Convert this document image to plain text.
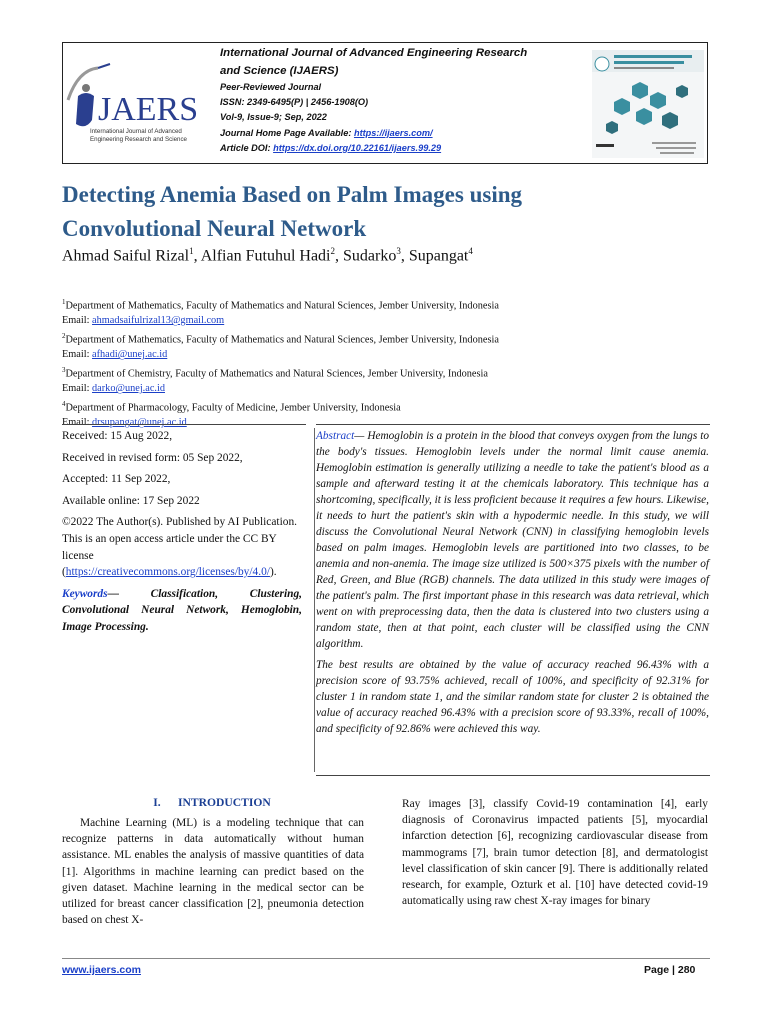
JAERS
International Journal of Advanced
Engineering Research and Science
International Journal of Advanced Engineering Research
and Science (IJAERS)
Peer-Reviewed Journal
ISSN: 2349-6495(P) | 2456-1908(O)
Vol-9, Issue-9; Sep, 2022
Journal Home Page Available: https://ijaers.com/
Article DOI: https://dx.doi.org/10.22161/ijaers.99.29
Detecting Anemia Based on Palm Images using
Convolutional Neural Network
Ahmad Saiful Rizal$^1$, Alfian Futuhul Hadi$^2$, Sudarko$^3$, Supangat$^4$
$^1$Department of Mathematics, Faculty of Mathematics and Natural Sciences, Jember University, Indonesia
Email: ahmadsaifulrizal13@gmail.com
$^2$Department of Mathematics, Faculty of Mathematics and Natural Sciences, Jember University, Indonesia
Email: afhadi@unej.ac.id
$^3$Department of Chemistry, Faculty of Mathematics and Natural Sciences, Jember University, Indonesia
Email: darko@unej.ac.id
$^4$Department of Pharmacology, Faculty of Medicine, Jember University, Indonesia
Email: drsupangat@unej.ac.id

Received: 15 Aug 2022,

Received in revised form: 05 Sep 2022,

Accepted: 11 Sep 2022,

Available online: 17 Sep 2022

©2022 The Author(s). Published by AI Publication. This is an open access article under the CC BY license (https://creativecommons.org/licenses/by/4.0/).

Keywords— Classification, Clustering, Convolutional Neural Network, Hemoglobin, Image Processing.

Abstract— Hemoglobin is a protein in the blood that conveys oxygen from the lungs to the body's tissues. Hemoglobin levels under the normal limit cause anemia. Hemoglobin estimation is generally utilizing a needle to take the patient's blood as a sample and afterward testing it at the chemicals laboratory. This technique has a shortcoming, specifically, it is less proficient because it requires a few hours. Likewise, it needs to hurt the patient's skin with a hypodermic needle. In this study, we will discuss the Convolutional Neural Network (CNN) in classifying hemoglobin levels based on palm images. Hemoglobin levels are partitioned into two classes, to be anemia and non-anemia. The image size utilized is 500×375 pixels with the number of Red, Green, and Blue (RGB) channels. The data utilized in this study were images of the patient's palm. The first important phase in this research was data retrieval, which went on with preprocessing data, then the data is clustered into two clusters using a random state, then at that point, each cluster will be classified using the CNN algorithm.

The best results are obtained by the value of accuracy reached 96.43% with a precision score of 93.75% achieved, recall of 100%, and specificity of 92.31% for cluster 1 in random state 1, and the similar random state for cluster 2 is obtained the value of accuracy reached 96.43% with a precision score of 93.33%, recall of 100%, and specificity of 92.86% were achieved this way.

I.      INTRODUCTION
Machine Learning (ML) is a modeling technique that can recognize patterns in data automatically without human assistance. ML enables the analysis of massive quantities of data [1]. Algorithms in machine learning can predict based on the given dataset. Machine learning in the medical sector can be utilized for breast cancer classification [2], pneumonia detection based on chest X-
Ray images [3], classify Covid-19 contamination [4], early diagnosis of Coronavirus impacted patients [5], myocardial infarction detection [6], recognizing cardiovascular disease from mammograms [7], brain tumor detection [8], and dermatologist level classification of skin cancer [9]. There is additionally related research, for example, Ozturk et al. [10] have detected covid-19 automatically using raw chest X-ray images for binary
www.ijaers.com	Page | 280
